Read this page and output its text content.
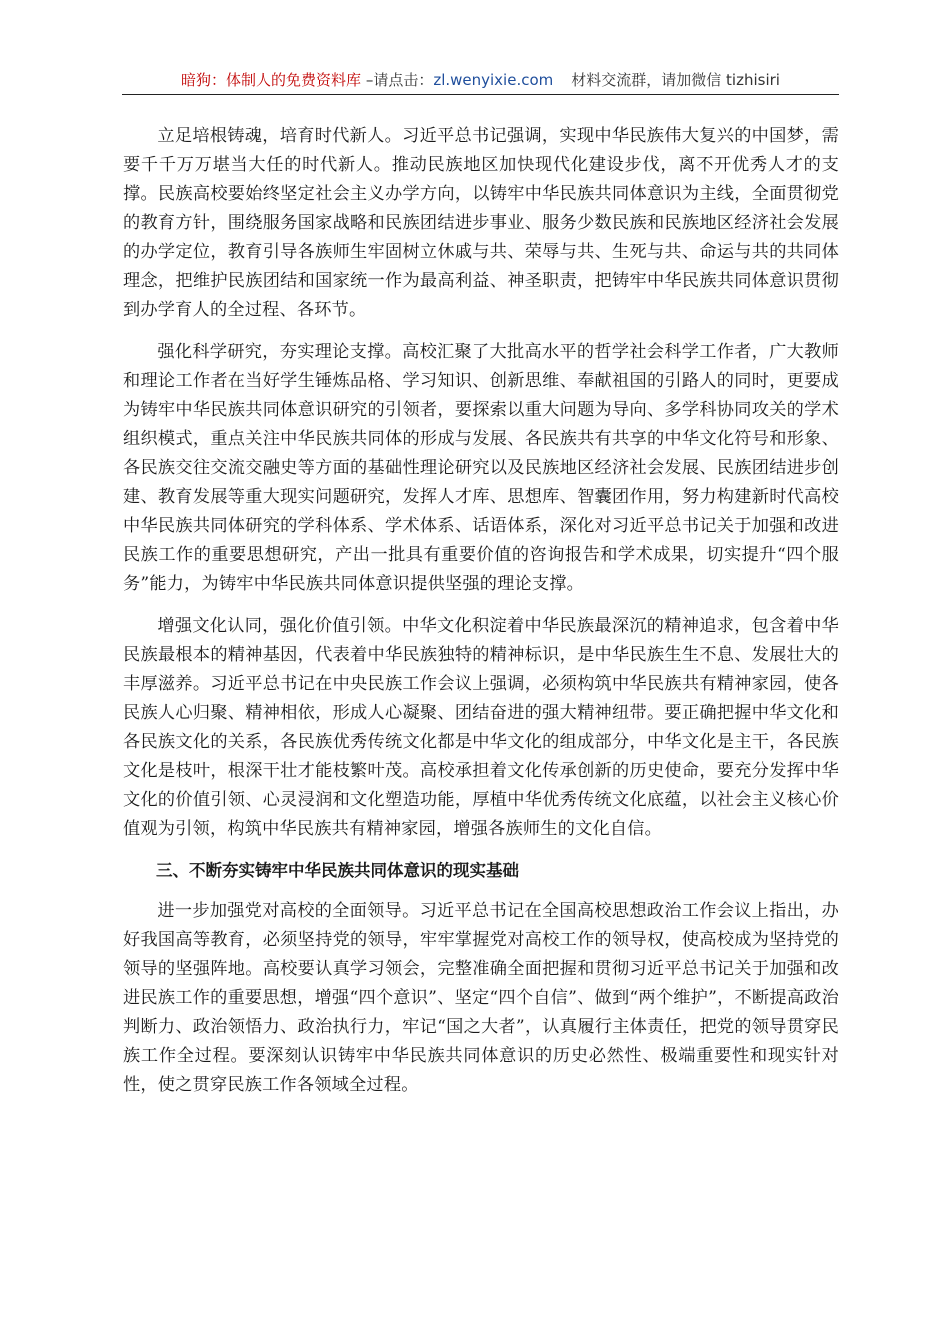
暗狗：体制人的免费资料库 –请点击：zl.wenyixie.com 材料交流群，请加微信 tizhisiri

立足培根铸魂，培育时代新人。习近平总书记强调，实现中华民族伟大复兴的中国梦，需要千千万万堪当大任的时代新人。推动民族地区加快现代化建设步伐，离不开优秀人才的支撑。民族高校要始终坚定社会主义办学方向，以铸牢中华民族共同体意识为主线，全面贯彻党的教育方针，围绕服务国家战略和民族团结进步事业、服务少数民族和民族地区经济社会发展的办学定位，教育引导各族师生牢固树立休戚与共、荣辱与共、生死与共、命运与共的共同体理念，把维护民族团结和国家统一作为最高利益、神圣职责，把铸牢中华民族共同体意识贯彻到办学育人的全过程、各环节。

强化科学研究，夯实理论支撑。高校汇聚了大批高水平的哲学社会科学工作者，广大教师和理论工作者在当好学生锤炼品格、学习知识、创新思维、奉献祖国的引路人的同时，更要成为铸牢中华民族共同体意识研究的引领者，要探索以重大问题为导向、多学科协同攻关的学术组织模式，重点关注中华民族共同体的形成与发展、各民族共有共享的中华文化符号和形象、各民族交往交流交融史等方面的基础性理论研究以及民族地区经济社会发展、民族团结进步创建、教育发展等重大现实问题研究，发挥人才库、思想库、智囊团作用，努力构建新时代高校中华民族共同体研究的学科体系、学术体系、话语体系，深化对习近平总书记关于加强和改进民族工作的重要思想研究，产出一批具有重要价值的咨询报告和学术成果，切实提升“四个服务”能力，为铸牢中华民族共同体意识提供坚强的理论支撑。

增强文化认同，强化价值引领。中华文化积淀着中华民族最深沉的精神追求，包含着中华民族最根本的精神基因，代表着中华民族独特的精神标识，是中华民族生生不息、发展壮大的丰厚滋养。习近平总书记在中央民族工作会议上强调，必须构筑中华民族共有精神家园，使各民族人心归聚、精神相依，形成人心凝聚、团结奋进的强大精神纽带。要正确把握中华文化和各民族文化的关系，各民族优秀传统文化都是中华文化的组成部分，中华文化是主干，各民族文化是枝叶，根深干壮才能枝繁叶茂。高校承担着文化传承创新的历史使命，要充分发挥中华文化的价值引领、心灵浸润和文化塑造功能，厚植中华优秀传统文化底蕴，以社会主义核心价值观为引领，构筑中华民族共有精神家园，增强各族师生的文化自信。

三、不断夯实铸牢中华民族共同体意识的现实基础

进一步加强党对高校的全面领导。习近平总书记在全国高校思想政治工作会议上指出，办好我国高等教育，必须坚持党的领导，牢牢掌握党对高校工作的领导权，使高校成为坚持党的领导的坚强阵地。高校要认真学习领会，完整准确全面把握和贯彻习近平总书记关于加强和改进民族工作的重要思想，增强“四个意识”、坚定“四个自信”、做到“两个维护”，不断提高政治判断力、政治领悟力、政治执行力，牢记“国之大者”，认真履行主体责任，把党的领导贯穿民族工作全过程。要深刻认识铸牢中华民族共同体意识的历史必然性、极端重要性和现实针对性，使之贯穿民族工作各领域全过程。
